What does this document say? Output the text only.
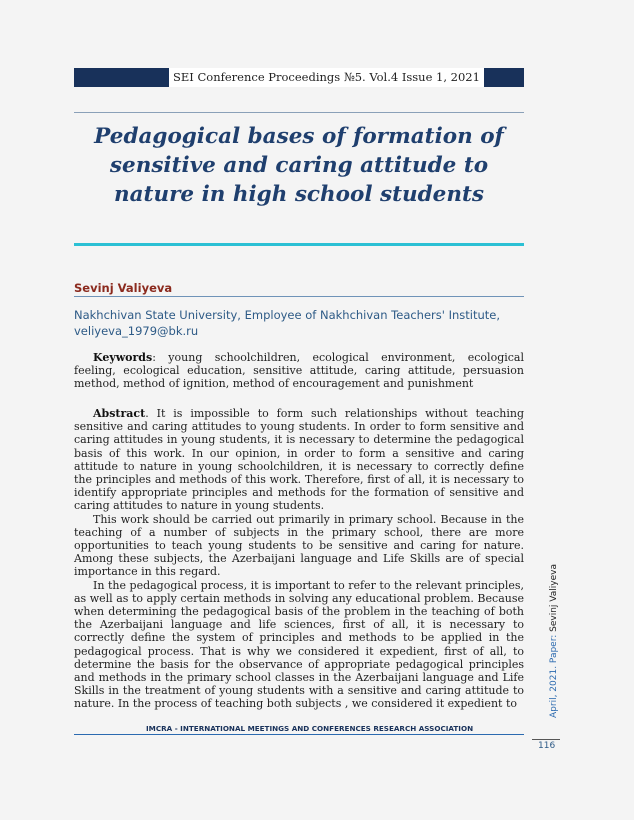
SEI Conference Proceedings №5. Vol.4 Issue 1, 2021
Pedagogical bases of formation of sensitive and caring attitude to nature in high school students

Sevinj Valiyeva

Nakhchivan State University, Employee of Nakhchivan Teachers' Institute,
veliyeva_1979@bk.ru

Keywords: young schoolchildren, ecological environment, ecological feeling, ecological education, sensitive attitude, caring attitude, persuasion method, method of ignition, method of encouragement and punishment

Abstract. It is impossible to form such relationships without teaching sensitive and caring attitudes to young students. In order to form sensitive and caring attitudes in young students, it is necessary to determine the pedagogical basis of this work. In our opinion, in order to form a sensitive and caring attitude to nature in young schoolchildren, it is necessary to correctly define the principles and methods of this work. Therefore, first of all, it is necessary to identify appropriate principles and methods for the formation of sensitive and caring attitudes to nature in young students.

This work should be carried out primarily in primary school. Because in the teaching of a number of subjects in the primary school, there are more opportunities to teach young students to be sensitive and caring for nature. Among these subjects, the Azerbaijani language and Life Skills are of special importance in this regard.

In the pedagogical process, it is important to refer to the relevant principles, as well as to apply certain methods in solving any educational problem. Because when determining the pedagogical basis of the problem in the teaching of both the Azerbaijani language and life sciences, first of all, it is necessary to correctly define the system of principles and methods to be applied in the pedagogical process. That is why we considered it expedient, first of all, to determine the basis for the observance of appropriate pedagogical principles and methods in the primary school classes in the Azerbaijani language and Life Skills in the treatment of young students with a sensitive and caring attitude to nature. In the process of teaching both subjects , we considered it expedient to

IMCRA - INTERNATIONAL MEETINGS AND CONFERENCES RESEARCH ASSOCIATION
116
April, 2021. Paper: Sevinj Valiyeva
